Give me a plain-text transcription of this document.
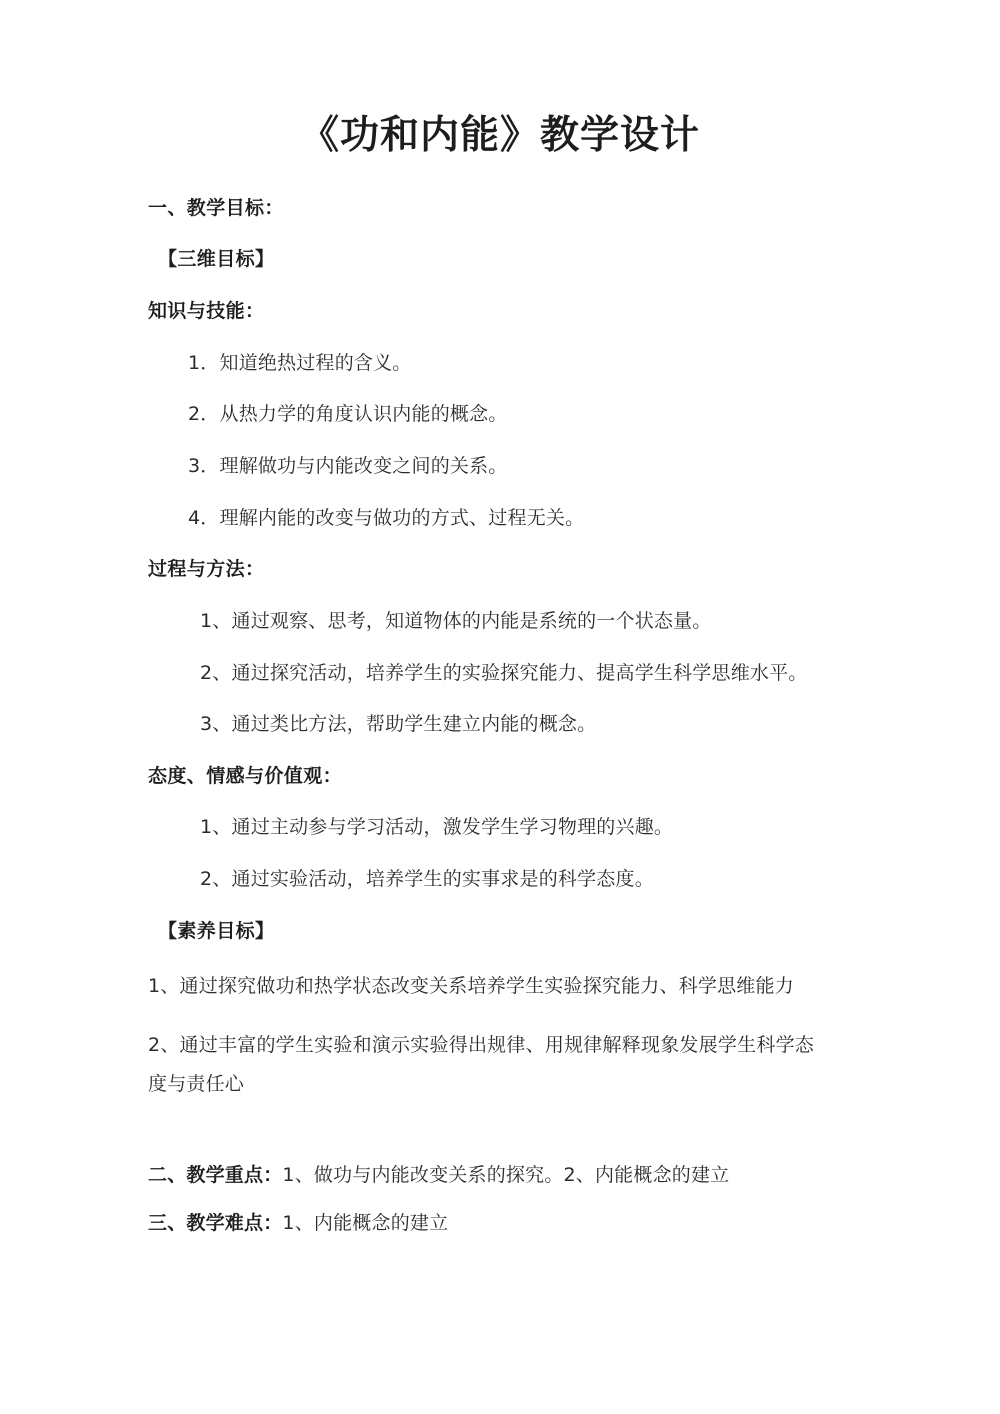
《功和内能》教学设计

一、教学目标：

【三维目标】

知识与技能：

1．知道绝热过程的含义。

2．从热力学的角度认识内能的概念。

3．理解做功与内能改变之间的关系。

4．理解内能的改变与做功的方式、过程无关。

过程与方法：

1、通过观察、思考，知道物体的内能是系统的一个状态量。

2、通过探究活动，培养学生的实验探究能力、提高学生科学思维水平。

3、通过类比方法，帮助学生建立内能的概念。

态度、情感与价值观：

1、通过主动参与学习活动，激发学生学习物理的兴趣。

2、通过实验活动，培养学生的实事求是的科学态度。

【素养目标】

1、通过探究做功和热学状态改变关系培养学生实验探究能力、科学思维能力

2、通过丰富的学生实验和演示实验得出规律、用规律解释现象发展学生科学态度与责任心

二、教学重点：1、做功与内能改变关系的探究。2、内能概念的建立

三、教学难点：1、内能概念的建立
